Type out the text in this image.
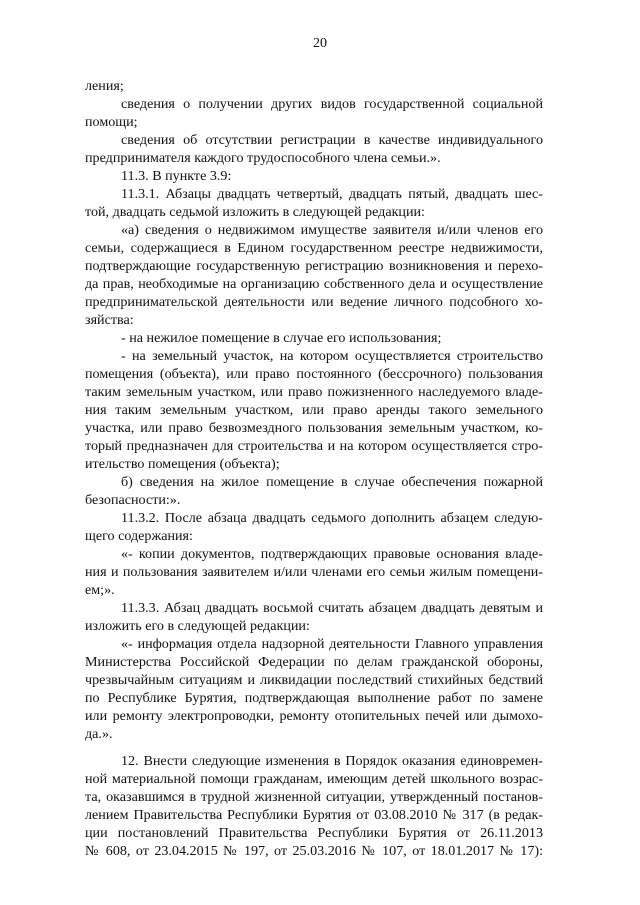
20
ления;
сведения о получении других видов государственной социальной
помощи;
сведения об отсутствии регистрации в качестве индивидуального
предпринимателя каждого трудоспособного члена семьи.».
11.3. В пункте 3.9:
11.3.1. Абзацы двадцать четвертый, двадцать пятый, двадцать шес-
той, двадцать седьмой изложить в следующей редакции:
«а) сведения о недвижимом имуществе заявителя и/или членов его
семьи, содержащиеся в Едином государственном реестре недвижимости,
подтверждающие государственную регистрацию возникновения и перехо-
да прав, необходимые на организацию собственного дела и осуществление
предпринимательской деятельности или ведение личного подсобного хо-
зяйства:
- на нежилое помещение в случае его использования;
- на земельный участок, на котором осуществляется строительство
помещения (объекта), или право постоянного (бессрочного) пользования
таким земельным участком, или право пожизненного наследуемого владе-
ния таким земельным участком, или право аренды такого земельного
участка, или право безвозмездного пользования земельным участком, ко-
торый предназначен для строительства и на котором осуществляется стро-
ительство помещения (объекта);
б) сведения на жилое помещение в случае обеспечения пожарной
безопасности:».
11.3.2. После абзаца двадцать седьмого дополнить абзацем следую-
щего содержания:
«- копии документов, подтверждающих правовые основания владе-
ния и пользования заявителем и/или членами его семьи жилым помещени-
ем;».
11.3.3. Абзац двадцать восьмой считать абзацем двадцать девятым и
изложить его в следующей редакции:
«- информация отдела надзорной деятельности Главного управления
Министерства Российской Федерации по делам гражданской обороны,
чрезвычайным ситуациям и ликвидации последствий стихийных бедствий
по Республике Бурятия, подтверждающая выполнение работ по замене
или ремонту электропроводки, ремонту отопительных печей или дымохо-
да.».
12. Внести следующие изменения в Порядок оказания единовремен-
ной материальной помощи гражданам, имеющим детей школьного возрас-
та, оказавшимся в трудной жизненной ситуации, утвержденный постанов-
лением Правительства Республики Бурятия от 03.08.2010 № 317 (в редак-
ции постановлений Правительства Республики Бурятия от 26.11.2013
№ 608, от 23.04.2015 № 197, от 25.03.2016 № 107, от 18.01.2017 № 17):
